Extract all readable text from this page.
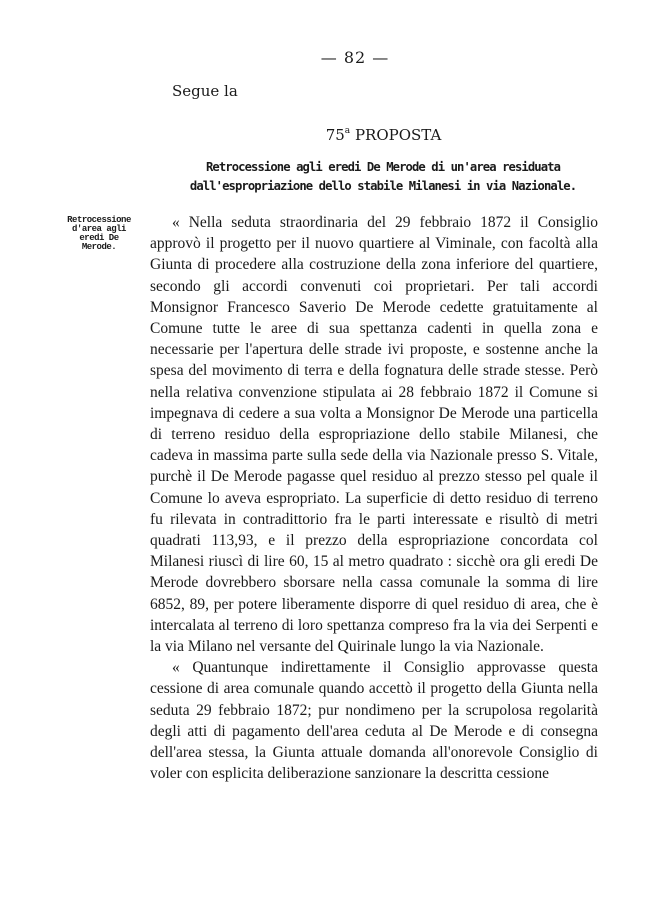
— 82 —
Segue la
75$^a$ PROPOSTA
Retrocessione agli eredi De Merode di un'area residuata dall'espropriazione dello stabile Milanesi in via Nazionale.
Retrocessione d'area agli eredi De Merode.

« Nella seduta straordinaria del 29 febbraio 1872 il Consiglio approvò il progetto per il nuovo quartiere al Viminale, con facoltà alla Giunta di procedere alla costruzione della zona inferiore del quartiere, secondo gli accordi convenuti coi proprietari. Per tali accordi Monsignor Francesco Saverio De Merode cedette gratuitamente al Comune tutte le aree di sua spettanza cadenti in quella zona e necessarie per l'apertura delle strade ivi proposte, e sostenne anche la spesa del movimento di terra e della fognatura delle strade stesse. Però nella relativa convenzione stipulata ai 28 febbraio 1872 il Comune si impegnava di cedere a sua volta a Monsignor De Merode una particella di terreno residuo della espropriazione dello stabile Milanesi, che cadeva in massima parte sulla sede della via Nazionale presso S. Vitale, purchè il De Merode pagasse quel residuo al prezzo stesso pel quale il Comune lo aveva espropriato. La superficie di detto residuo di terreno fu rilevata in contradittorio fra le parti interessate e risultò di metri quadrati 113,93, e il prezzo della espropriazione concordata col Milanesi riuscì di lire 60, 15 al metro quadrato : sicchè ora gli eredi De Merode dovrebbero sborsare nella cassa comunale la somma di lire 6852, 89, per potere liberamente disporre di quel residuo di area, che è intercalata al terreno di loro spettanza compreso fra la via dei Serpenti e la via Milano nel versante del Quirinale lungo la via Nazionale.

« Quantunque indirettamente il Consiglio approvasse questa cessione di area comunale quando accettò il progetto della Giunta nella seduta 29 febbraio 1872; pur nondimeno per la scrupolosa regolarità degli atti di pagamento dell'area ceduta al De Merode e di consegna dell'area stessa, la Giunta attuale domanda all'onorevole Consiglio di voler con esplicita deliberazione sanzionare la descritta cessione
